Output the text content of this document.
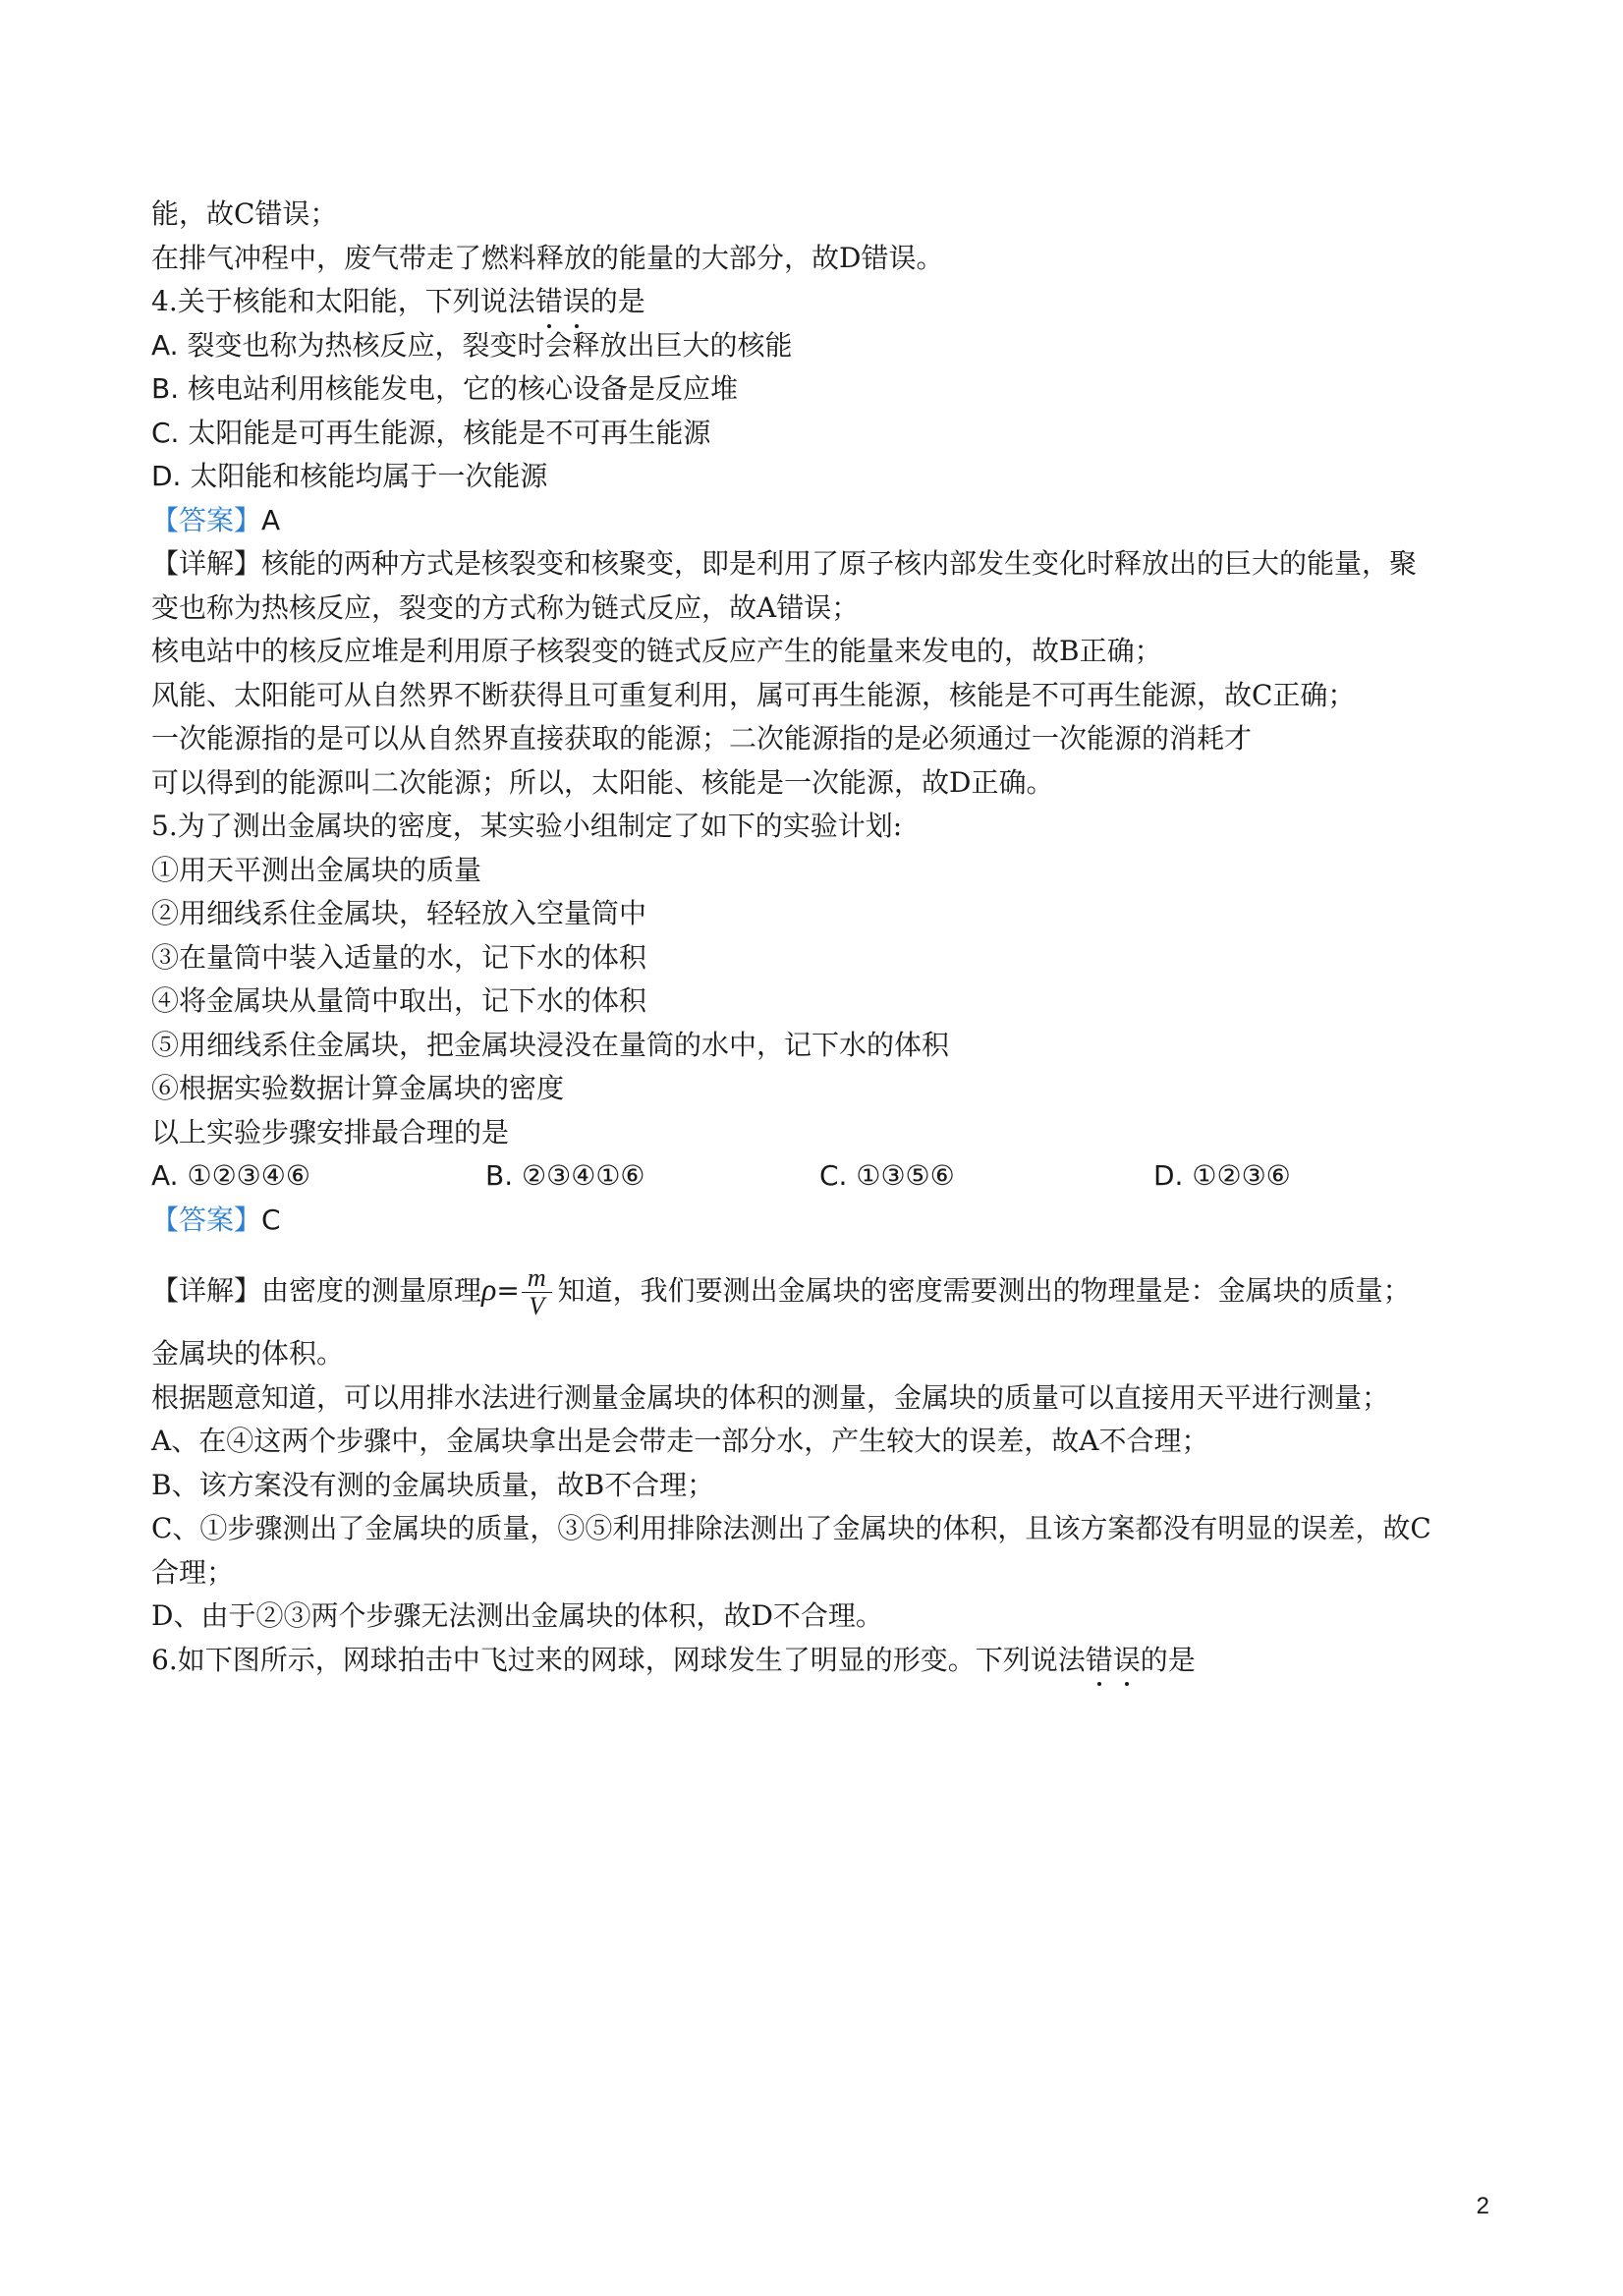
能，故C错误；
在排气冲程中，废气带走了燃料释放的能量的大部分，故D错误。
4.关于核能和太阳能，下列说法错误的是
A. 裂变也称为热核反应，裂变时会释放出巨大的核能
B. 核电站利用核能发电，它的核心设备是反应堆
C. 太阳能是可再生能源，核能是不可再生能源
D. 太阳能和核能均属于一次能源
【答案】A
【详解】核能的两种方式是核裂变和核聚变，即是利用了原子核内部发生变化时释放出的巨大的能量，聚
变也称为热核反应，裂变的方式称为链式反应，故A错误；
核电站中的核反应堆是利用原子核裂变的链式反应产生的能量来发电的，故B正确；
风能、太阳能可从自然界不断获得且可重复利用，属可再生能源，核能是不可再生能源，故C正确；
一次能源指的是可以从自然界直接获取的能源；二次能源指的是必须通过一次能源的消耗才
可以得到的能源叫二次能源；所以，太阳能、核能是一次能源，故D正确。
5.为了测出金属块的密度，某实验小组制定了如下的实验计划:
①用天平测出金属块的质量
②用细线系住金属块，轻轻放入空量筒中
③在量筒中装入适量的水，记下水的体积
④将金属块从量筒中取出，记下水的体积
⑤用细线系住金属块，把金属块浸没在量筒的水中，记下水的体积
⑥根据实验数据计算金属块的密度
以上实验步骤安排最合理的是
A. ①②③④⑥	B. ②③④①⑥	C. ①③⑤⑥	D. ①②③⑥
【答案】C
【详解】由密度的测量原理$\rho= \frac{m}{V}$ 知道，我们要测出金属块的密度需要测出的物理量是：金属块的质量；
金属块的体积。
根据题意知道，可以用排水法进行测量金属块的体积的测量，金属块的质量可以直接用天平进行测量；
A、在④这两个步骤中，金属块拿出是会带走一部分水，产生较大的误差，故A不合理；
B、该方案没有测的金属块质量，故B不合理；
C、①步骤测出了金属块的质量，③⑤利用排除法测出了金属块的体积，且该方案都没有明显的误差，故C
合理；
D、由于②③两个步骤无法测出金属块的体积，故D不合理。
6.如下图所示，网球拍击中飞过来的网球，网球发生了明显的形变。下列说法错误的是
2
